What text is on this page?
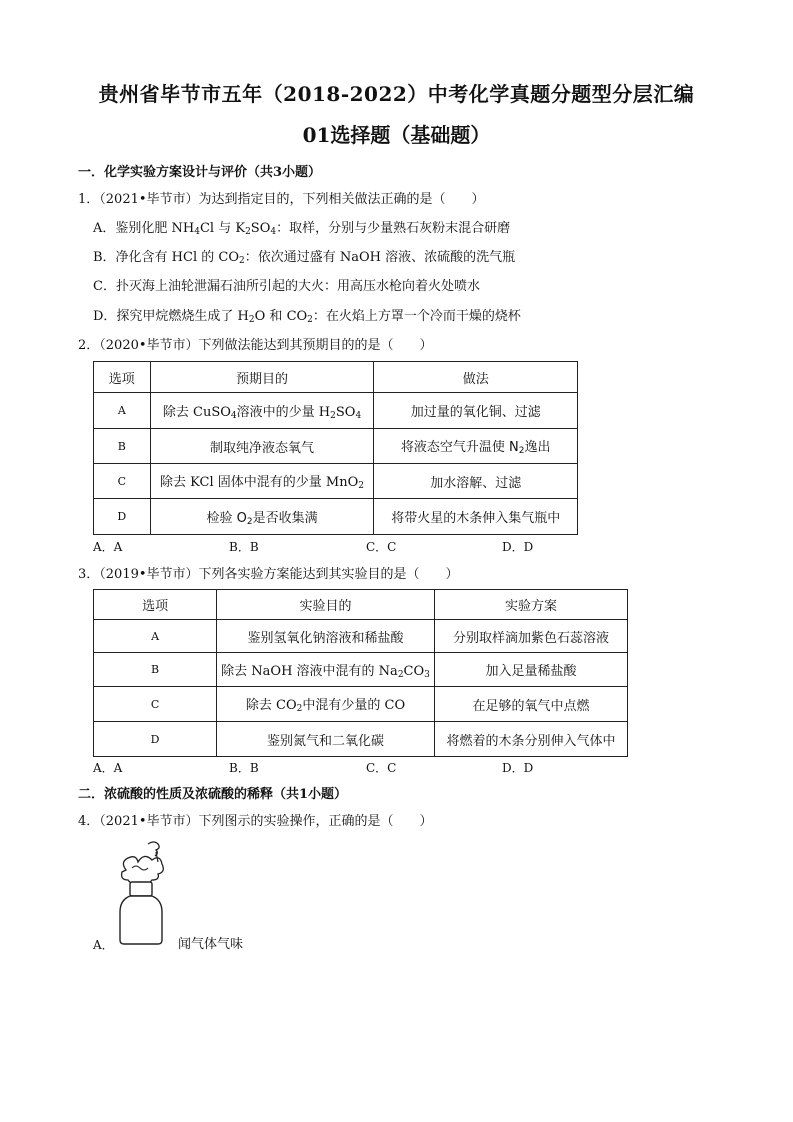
贵州省毕节市五年（2018-2022）中考化学真题分题型分层汇编
01选择题（基础题）
一．化学实验方案设计与评价（共3小题）
1．（2021•毕节市）为达到指定目的，下列相关做法正确的是（　　）
A．鉴别化肥 $NH_4Cl$ 与 $K_2SO_4$：取样，分别与少量熟石灰粉末混合研磨
B．净化含有 HCl 的 $CO_2$：依次通过盛有 NaOH 溶液、浓硫酸的洗气瓶
C．扑灭海上油轮泄漏石油所引起的大火：用高压水枪向着火处喷水
D．探究甲烷燃烧生成了 $H_2O$ 和 $CO_2$：在火焰上方罩一个冷而干燥的烧杯
2．（2020•毕节市）下列做法能达到其预期目的的是（　　）
选项	预期目的	做法
A	除去 CuSO$_4$溶液中的少量 $H_2SO_4$	加过量的氧化铜、过滤
B	制取纯净液态氧气	将液态空气升温使 $N_2$逸出
C	除去 KCl 固体中混有的少量 MnO$_2$	加水溶解、过滤
D	检验 $O_2$是否收集满	将带火星的木条伸入集气瓶中
A．A	B．B	C．C	D．D
3．（2019•毕节市）下列各实验方案能达到其实验目的是（　　）
选项	实验目的	实验方案
A	鉴别氢氧化钠溶液和稀盐酸	分别取样滴加紫色石蕊溶液
B	除去 NaOH 溶液中混有的 $Na_2CO_3$	加入足量稀盐酸
C	除去 $CO_2$中混有少量的 CO	在足够的氧气中点燃
D	鉴别氮气和二氧化碳	将燃着的木条分别伸入气体中
A．A	B．B	C．C	D．D
二．浓硫酸的性质及浓硫酸的稀释（共1小题）
4．（2021•毕节市）下列图示的实验操作，正确的是（　　）
A．	闻气体气味
